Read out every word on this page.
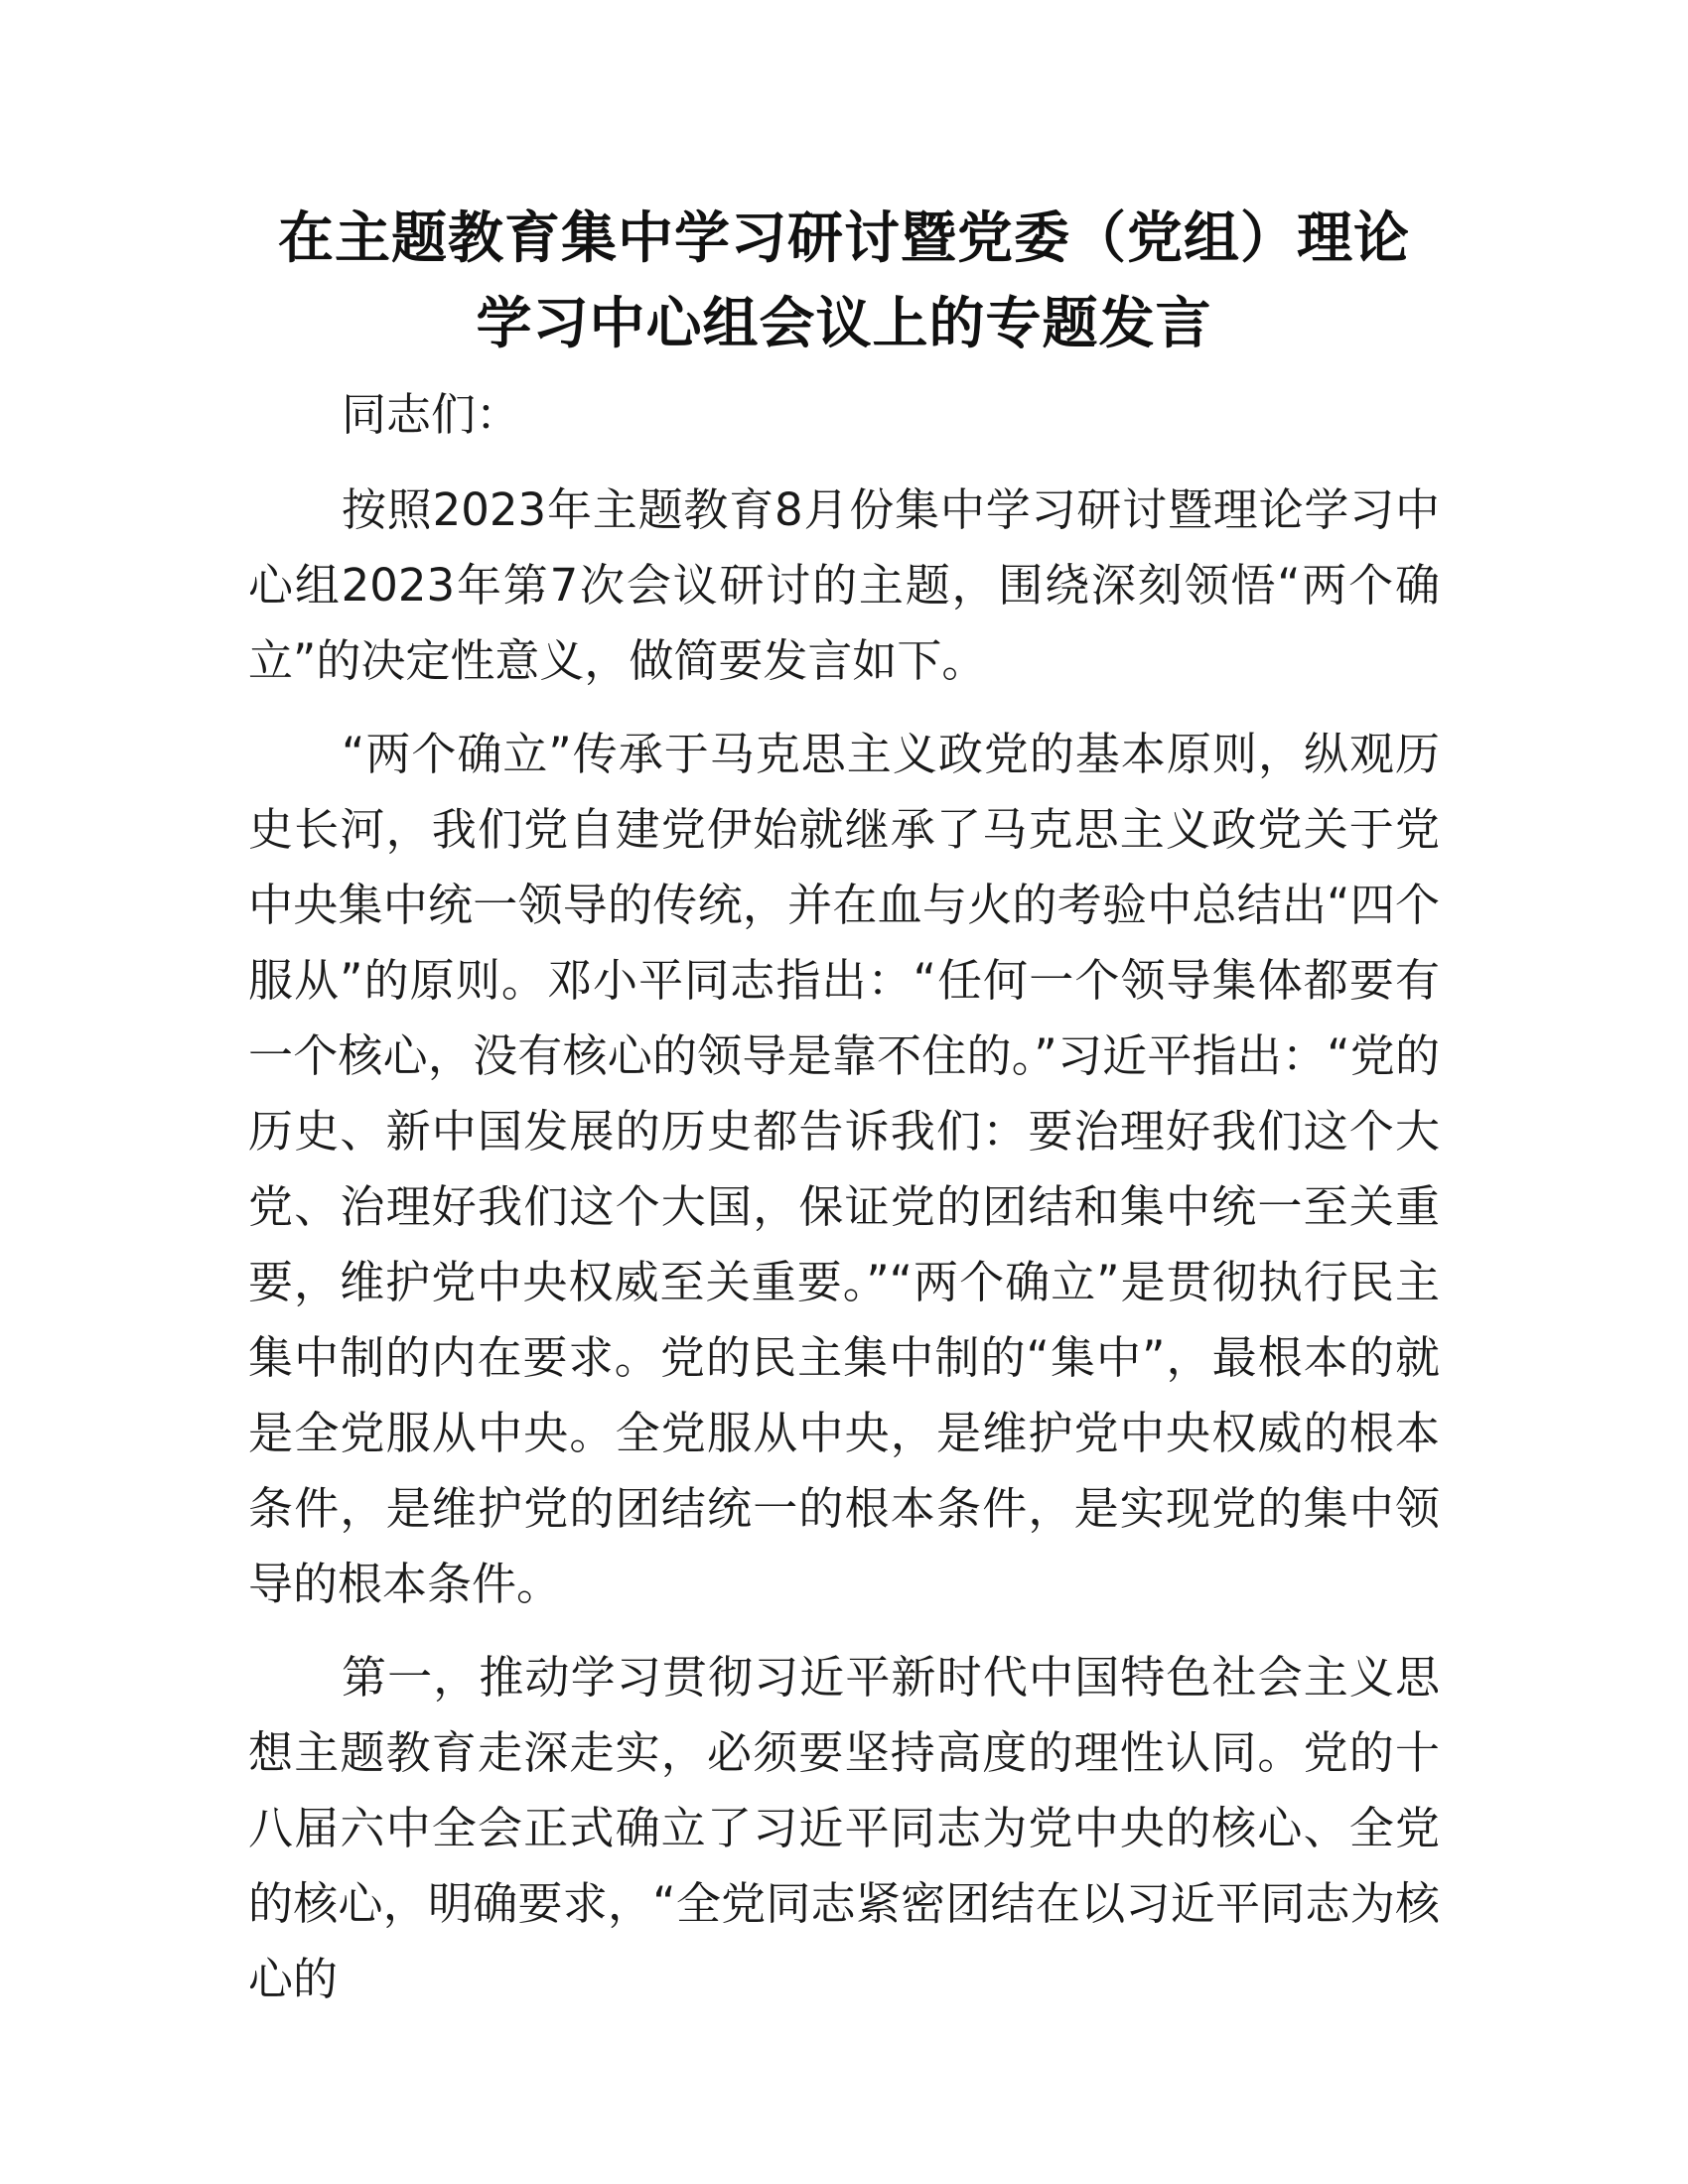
在主题教育集中学习研讨暨党委（党组）理论
学习中心组会议上的专题发言

同志们：

按照2023年主题教育8月份集中学习研讨暨理论学习中心组2023年第7次会议研讨的主题，围绕深刻领悟“两个确立”的决定性意义，做简要发言如下。

“两个确立”传承于马克思主义政党的基本原则，纵观历史长河，我们党自建党伊始就继承了马克思主义政党关于党中央集中统一领导的传统，并在血与火的考验中总结出“四个服从”的原则。邓小平同志指出：“任何一个领导集体都要有一个核心，没有核心的领导是靠不住的。”习近平指出：“党的历史、新中国发展的历史都告诉我们：要治理好我们这个大党、治理好我们这个大国，保证党的团结和集中统一至关重要，维护党中央权威至关重要。”“两个确立”是贯彻执行民主集中制的内在要求。党的民主集中制的“集中”，最根本的就是全党服从中央。全党服从中央，是维护党中央权威的根本条件，是维护党的团结统一的根本条件，是实现党的集中领导的根本条件。

第一，推动学习贯彻习近平新时代中国特色社会主义思想主题教育走深走实，必须要坚持高度的理性认同。党的十八届六中全会正式确立了习近平同志为党中央的核心、全党的核心，明确要求，“全党同志紧密团结在以习近平同志为核心的
